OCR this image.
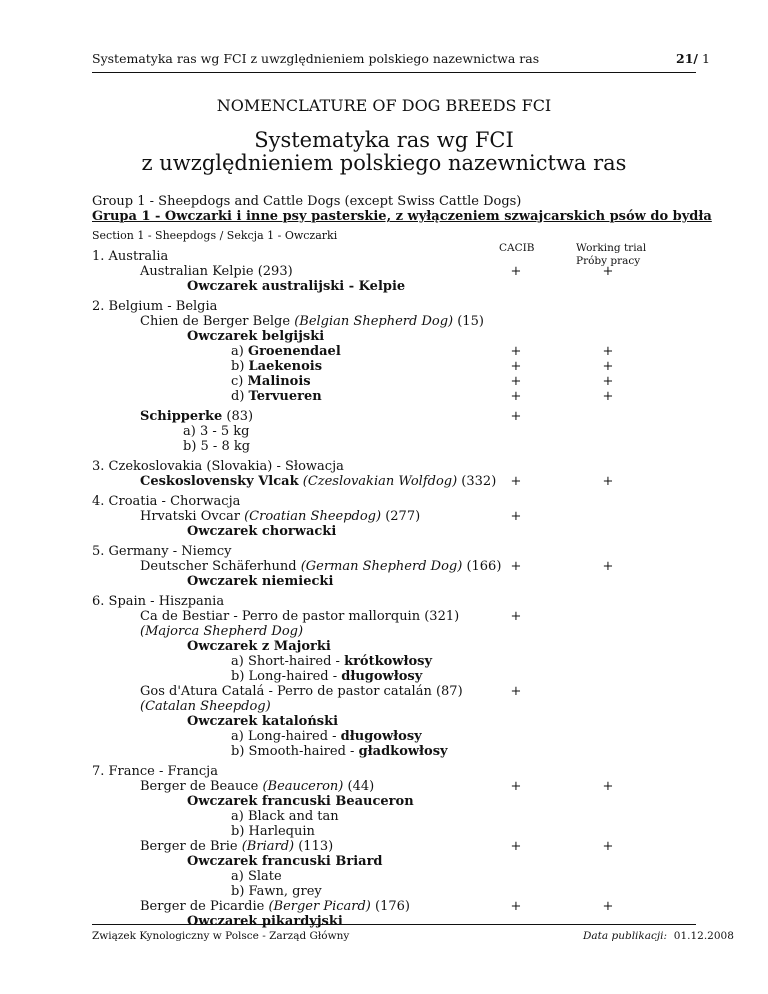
Systematyka ras wg FCI z uwzględnieniem polskiego nazewnictwa ras	21/ 1
NOMENCLATURE OF DOG BREEDS FCI
Systematyka ras wg FCI
z uwzględnieniem polskiego nazewnictwa ras
Group 1 - Sheepdogs and Cattle Dogs (except Swiss Cattle Dogs)
Grupa 1 - Owczarki i inne psy pasterskie, z wyłączeniem szwajcarskich psów do bydła
Section 1 - Sheepdogs / Sekcja 1 - Owczarki
CACIB	Working trial
Próby pracy
1. Australia
Australian Kelpie (293)	+	+
Owczarek australijski - Kelpie
2. Belgium - Belgia
Chien de Berger Belge (Belgian Shepherd Dog) (15)
Owczarek belgijski
a) Groenendael	+	+
b) Laekenois	+	+
c) Malinois	+	+
d) Tervueren	+	+
Schipperke (83)	+
a) 3 - 5 kg
b) 5 - 8 kg
3. Czekoslovakia (Slovakia) - Słowacja
Ceskoslovensky Vlcak (Czeslovakian Wolfdog) (332) +	+
4. Croatia - Chorwacja
Hrvatski Ovcar (Croatian Sheepdog) (277)	+
Owczarek chorwacki
5. Germany - Niemcy
Deutscher Schäferhund (German Shepherd Dog) (166) +	+
Owczarek niemiecki
6. Spain - Hiszpania
Ca de Bestiar - Perro de pastor mallorquin (321)	+
(Majorca Shepherd Dog)
Owczarek z Majorki
a) Short-haired - krótkowłosy
b) Long-haired - długowłosy
Gos d'Atura Catalá - Perro de pastor catalán (87)	+
(Catalan Sheepdog)
Owczarek kataloński
a) Long-haired - długowłosy
b) Smooth-haired - gładkowłosy
7. France - Francja
Berger de Beauce (Beauceron) (44)	+	+
Owczarek francuski Beauceron
a) Black and tan
b) Harlequin
Berger de Brie (Briard) (113)	+	+
Owczarek francuski Briard
a) Slate
b) Fawn, grey
Berger de Picardie (Berger Picard) (176)	+	+
Owczarek pikardyjski
Związek Kynologiczny w Polsce - Zarząd Główny	Data publikacji: 01.12.2008
